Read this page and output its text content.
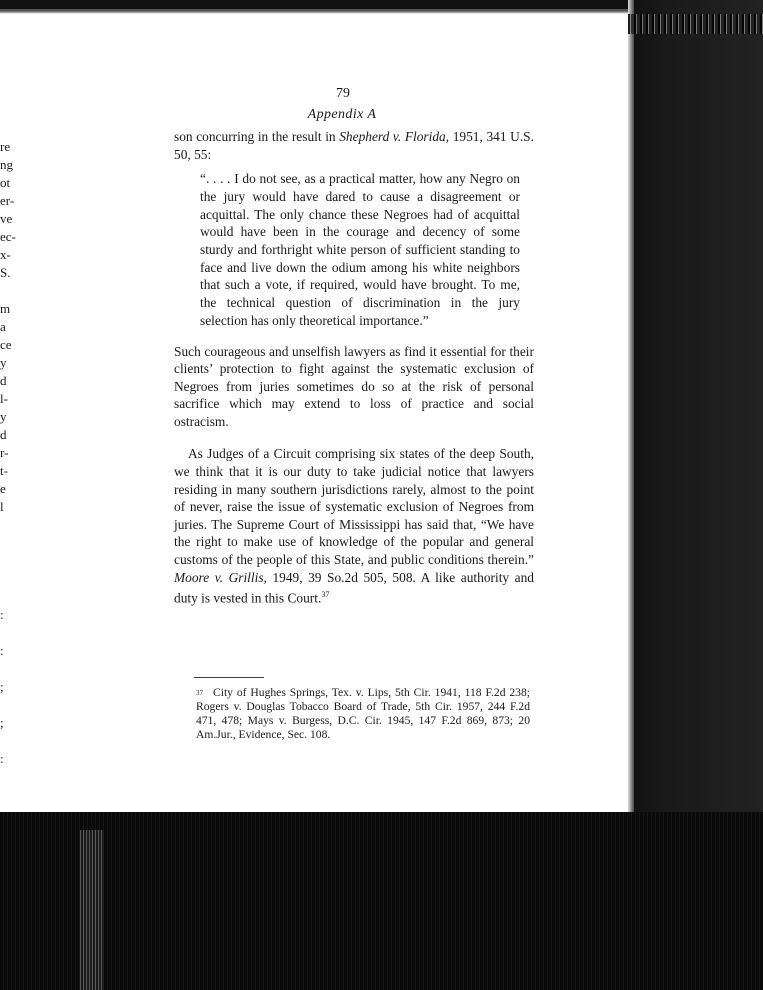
re
ng
ot
er-
ve
ec-
x-
S.
m
a
ce
y
d
l-
y
d
r-
t-
e
l
:
:
;
;
:
79
Appendix A

son concurring in the result in Shepherd v. Florida, 1951, 341 U.S. 50, 55:

“. . . . I do not see, as a practical matter, how any Negro on the jury would have dared to cause a disagreement or acquittal. The only chance these Negroes had of acquittal would have been in the courage and decency of some sturdy and forthright white person of sufficient standing to face and live down the odium among his white neighbors that such a vote, if required, would have brought. To me, the technical question of discrimination in the jury selection has only theoretical importance.”

Such courageous and unselfish lawyers as find it essential for their clients’ protection to fight against the systematic exclusion of Negroes from juries sometimes do so at the risk of personal sacrifice which may extend to loss of practice and social ostracism.

As Judges of a Circuit comprising six states of the deep South, we think that it is our duty to take judicial notice that lawyers residing in many southern jurisdictions rarely, almost to the point of never, raise the issue of systematic exclusion of Negroes from juries. The Supreme Court of Mississippi has said that, “We have the right to make use of knowledge of the popular and general customs of the people of this State, and public conditions therein.” Moore v. Grillis, 1949, 39 So.2d 505, 508. A like authority and duty is vested in this Court.$^{37}$

$^{37}$ City of Hughes Springs, Tex. v. Lips, 5th Cir. 1941, 118 F.2d 238; Rogers v. Douglas Tobacco Board of Trade, 5th Cir. 1957, 244 F.2d 471, 478; Mays v. Burgess, D.C. Cir. 1945, 147 F.2d 869, 873; 20 Am.Jur., Evidence, Sec. 108.
